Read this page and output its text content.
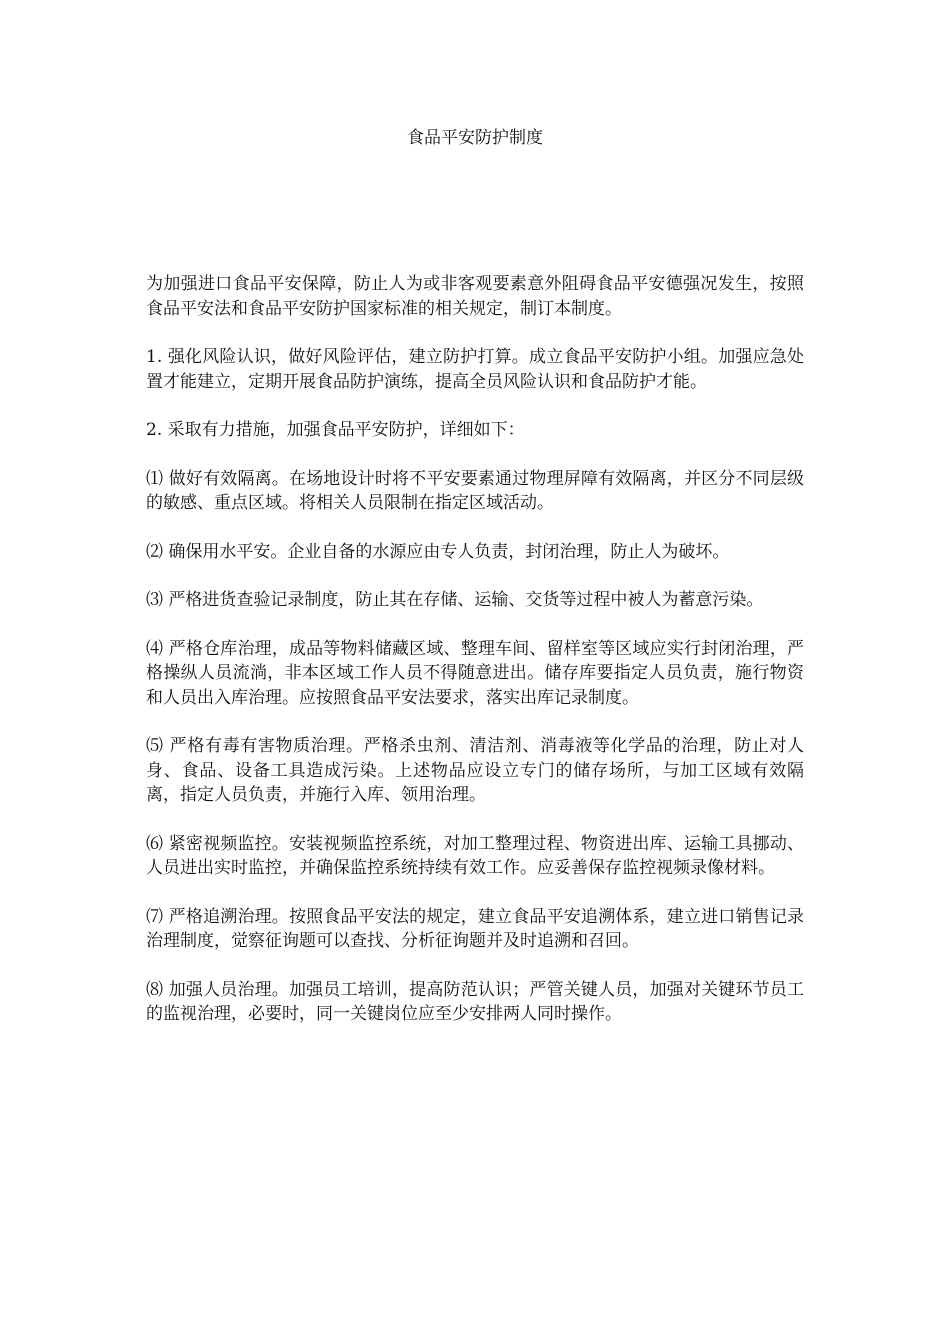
食品平安防护制度

为加强进口食品平安保障，防止人为或非客观要素意外阻碍食品平安德强况发生，按照食品平安法和食品平安防护国家标准的相关规定，制订本制度。

1. 强化风险认识，做好风险评估，建立防护打算。成立食品平安防护小组。加强应急处置才能建立，定期开展食品防护演练，提高全员风险认识和食品防护才能。

2. 采取有力措施，加强食品平安防护，详细如下：

⑴ 做好有效隔离。在场地设计时将不平安要素通过物理屏障有效隔离，并区分不同层级的敏感、重点区域。将相关人员限制在指定区域活动。

⑵ 确保用水平安。企业自备的水源应由专人负责，封闭治理，防止人为破坏。

⑶ 严格进货查验记录制度，防止其在存储、运输、交货等过程中被人为蓄意污染。

⑷ 严格仓库治理，成品等物料储藏区域、整理车间、留样室等区域应实行封闭治理，严格操纵人员流淌，非本区域工作人员不得随意进出。储存库要指定人员负责，施行物资和人员出入库治理。应按照食品平安法要求，落实出库记录制度。

⑸ 严格有毒有害物质治理。严格杀虫剂、清洁剂、消毒液等化学品的治理，防止对人身、食品、设备工具造成污染。上述物品应设立专门的储存场所，与加工区域有效隔离，指定人员负责，并施行入库、领用治理。

⑹ 紧密视频监控。安装视频监控系统，对加工整理过程、物资进出库、运输工具挪动、人员进出实时监控，并确保监控系统持续有效工作。应妥善保存监控视频录像材料。

⑺ 严格追溯治理。按照食品平安法的规定，建立食品平安追溯体系，建立进口销售记录治理制度，觉察征询题可以查找、分析征询题并及时追溯和召回。

⑻ 加强人员治理。加强员工培训，提高防范认识；严管关键人员，加强对关键环节员工的监视治理，必要时，同一关键岗位应至少安排两人同时操作。
